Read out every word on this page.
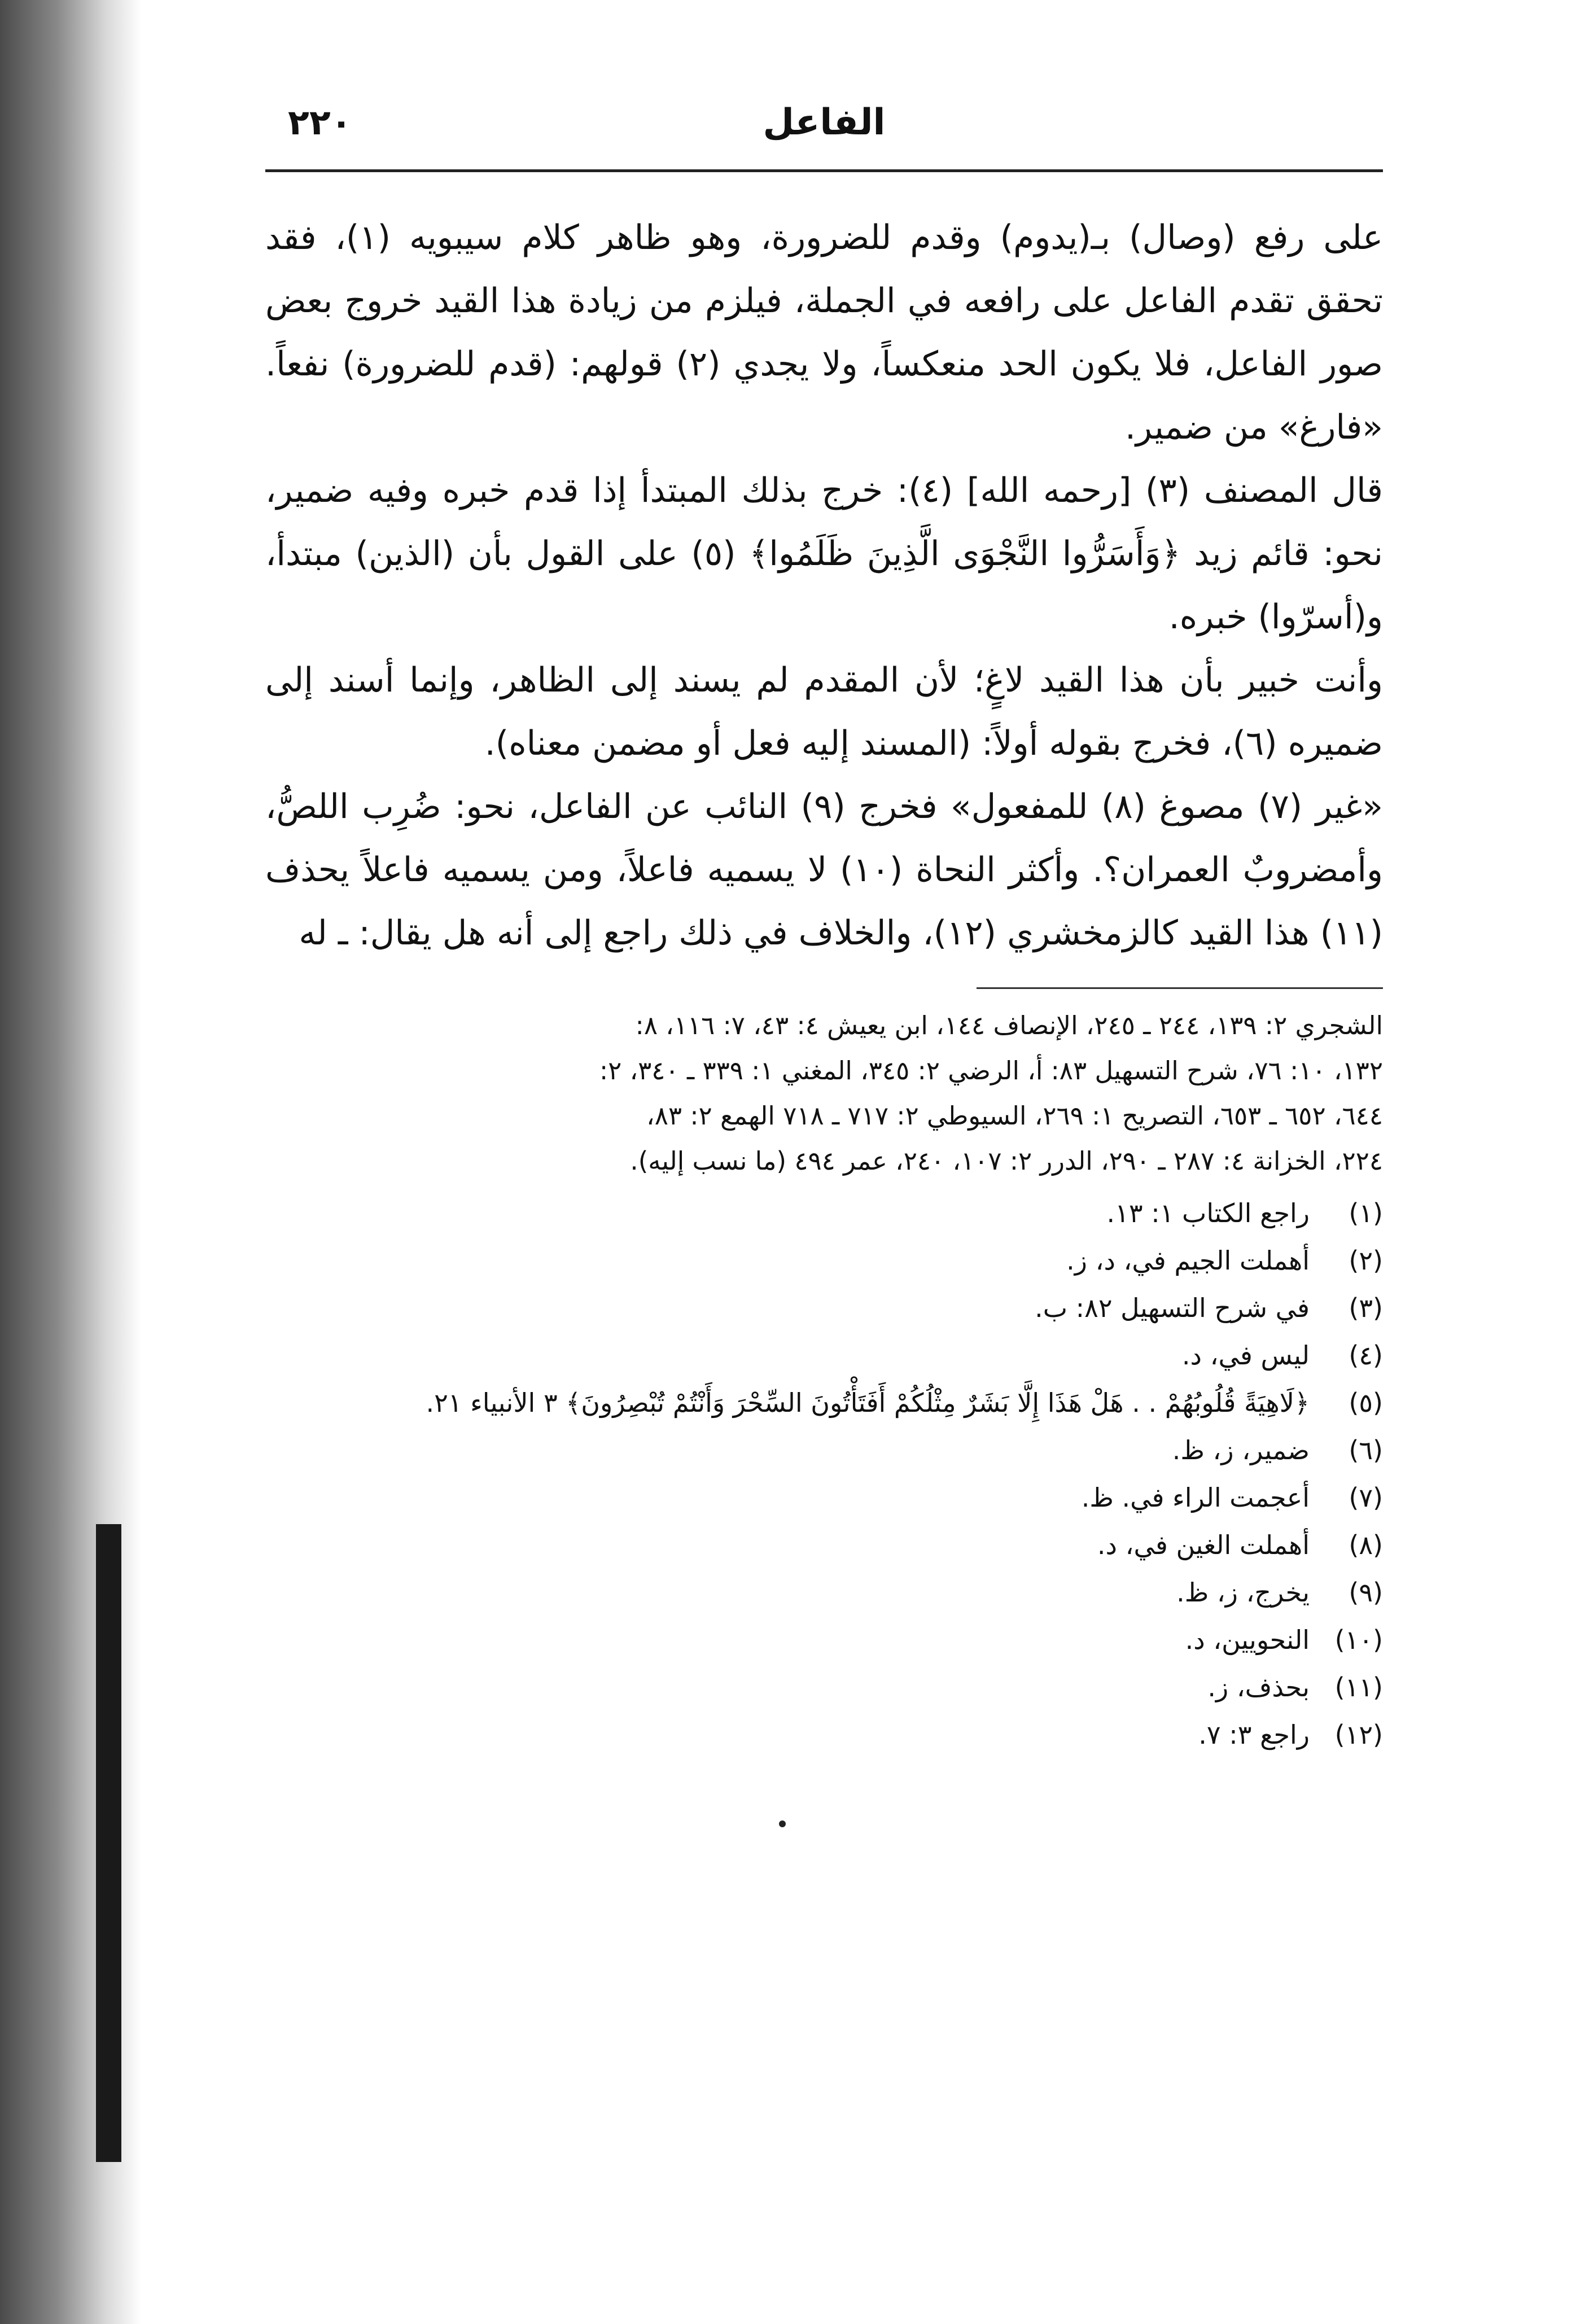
الفاعل
٢٢٠

على رفع (وصال) بـ(يدوم) وقدم للضرورة، وهو ظاهر كلام سيبويه (١)، فقد تحقق تقدم الفاعل على رافعه في الجملة، فيلزم من زيادة هذا القيد خروج بعض صور الفاعل، فلا يكون الحد منعكساً، ولا يجدي (٢) قولهم: (قدم للضرورة) نفعاً. «فارغ» من ضمير.

قال المصنف (٣) [رحمه الله] (٤): خرج بذلك المبتدأ إذا قدم خبره وفيه ضمير، نحو: قائم زيد ﴿وَأَسَرُّوا النَّجْوَى الَّذِينَ ظَلَمُوا﴾ (٥) على القول بأن (الذين) مبتدأ، و(أسرّوا) خبره.

وأنت خبير بأن هذا القيد لاغٍ؛ لأن المقدم لم يسند إلى الظاهر، وإنما أسند إلى ضميره (٦)، فخرج بقوله أولاً: (المسند إليه فعل أو مضمن معناه).

«غير (٧) مصوغ (٨) للمفعول» فخرج (٩) النائب عن الفاعل، نحو: ضُرِب اللصُّ، وأمضروبٌ العمران؟. وأكثر النحاة (١٠) لا يسميه فاعلاً، ومن يسميه فاعلاً يحذف (١١) هذا القيد كالزمخشري (١٢)، والخلاف في ذلك راجع إلى أنه هل يقال: ـ له

الشجري ٢: ١٣٩، ٢٤٤ ـ ٢٤٥، الإنصاف ١٤٤، ابن يعيش ٤: ٤٣، ٧: ١١٦، ٨:

١٣٢، ١٠: ٧٦، شرح التسهيل ٨٣: أ، الرضي ٢: ٣٤٥، المغني ١: ٣٣٩ ـ ٣٤٠، ٢:

٦٤٤، ٦٥٢ ـ ٦٥٣، التصريح ١: ٢٦٩، السيوطي ٢: ٧١٧ ـ ٧١٨ الهمع ٢: ٨٣،

٢٢٤، الخزانة ٤: ٢٨٧ ـ ٢٩٠، الدرر ٢: ١٠٧، ٢٤٠، عمر ٤٩٤ (ما نسب إليه).

(١)
راجع الكتاب ١: ١٣.
(٢)
أهملت الجيم في، د، ز.
(٣)
في شرح التسهيل ٨٢: ب.
(٤)
ليس في، د.
(٥)
﴿لَاهِيَةً قُلُوبُهُمْ . . هَلْ هَذَا إِلَّا بَشَرٌ مِثْلُكُمْ أَفَتَأْتُونَ السِّحْرَ وَأَنْتُمْ تُبْصِرُونَ﴾ ٣ الأنبياء ٢١.
(٦)
ضمير، ز، ظ.
(٧)
أعجمت الراء في. ظ.
(٨)
أهملت الغين في، د.
(٩)
يخرج، ز، ظ.
(١٠)
النحويين، د.
(١١)
بحذف، ز.
(١٢)
راجع ٣: ٧.
